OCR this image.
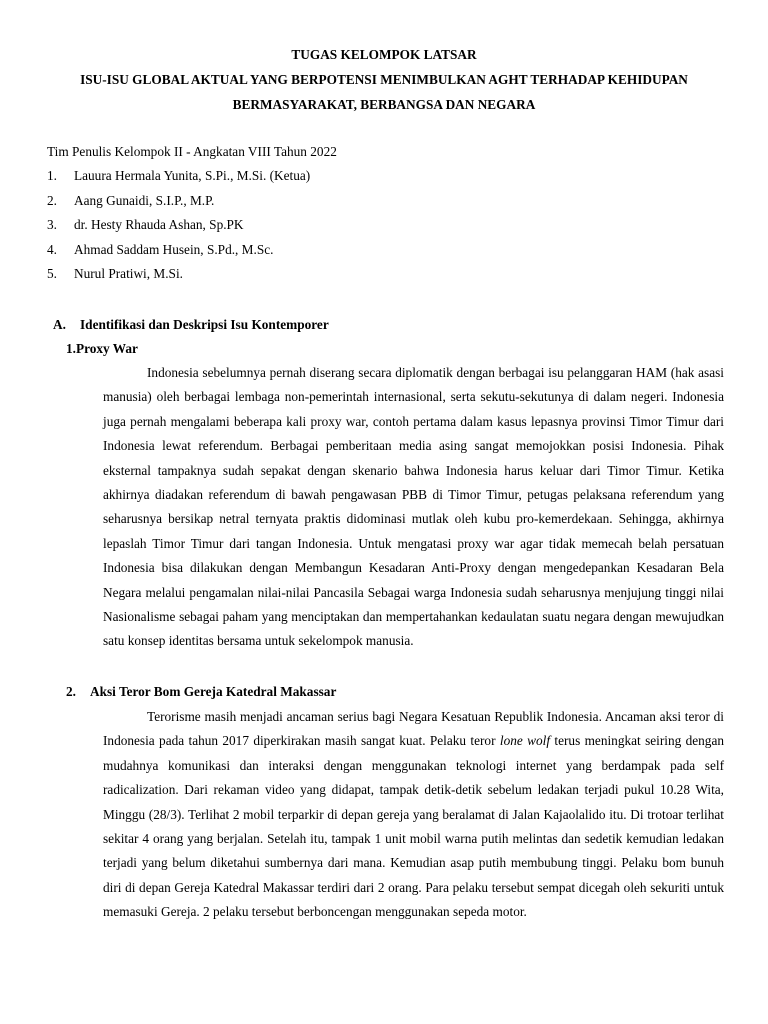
TUGAS KELOMPOK LATSAR
ISU-ISU GLOBAL AKTUAL YANG BERPOTENSI MENIMBULKAN AGHT TERHADAP KEHIDUPAN
BERMASYARAKAT, BERBANGSA DAN NEGARA
Tim Penulis Kelompok II - Angkatan VIII Tahun 2022
1.	Lauura Hermala Yunita, S.Pi., M.Si. (Ketua)
2.	Aang Gunaidi, S.I.P., M.P.
3.	dr. Hesty Rhauda Ashan, Sp.PK
4.	Ahmad Saddam Husein, S.Pd., M.Sc.
5.	Nurul Pratiwi, M.Si.
A. Identifikasi dan Deskripsi Isu Kontemporer
1.Proxy War
Indonesia sebelumnya pernah diserang secara diplomatik dengan berbagai isu pelanggaran HAM (hak asasi manusia) oleh berbagai lembaga non-pemerintah internasional, serta sekutu-sekutunya di dalam negeri. Indonesia juga pernah mengalami beberapa kali proxy war, contoh pertama dalam kasus lepasnya provinsi Timor Timur dari Indonesia lewat referendum. Berbagai pemberitaan media asing sangat memojokkan posisi Indonesia. Pihak eksternal tampaknya sudah sepakat dengan skenario bahwa Indonesia harus keluar dari Timor Timur. Ketika akhirnya diadakan referendum di bawah pengawasan PBB di Timor Timur, petugas pelaksana referendum yang seharusnya bersikap netral ternyata praktis didominasi mutlak oleh kubu pro-kemerdekaan. Sehingga, akhirnya lepaslah Timor Timur dari tangan Indonesia. Untuk mengatasi proxy war agar tidak memecah belah persatuan Indonesia bisa dilakukan dengan Membangun Kesadaran Anti-Proxy dengan mengedepankan Kesadaran Bela Negara melalui pengamalan nilai-nilai Pancasila Sebagai warga Indonesia sudah seharusnya menjujung tinggi nilai Nasionalisme sebagai paham yang menciptakan dan mempertahankan kedaulatan suatu negara dengan mewujudkan satu konsep identitas bersama untuk sekelompok manusia.
2. Aksi Teror Bom Gereja Katedral Makassar
Terorisme masih menjadi ancaman serius bagi Negara Kesatuan Republik Indonesia. Ancaman aksi teror di Indonesia pada tahun 2017 diperkirakan masih sangat kuat. Pelaku teror lone wolf terus meningkat seiring dengan mudahnya komunikasi dan interaksi dengan menggunakan teknologi internet yang berdampak pada self radicalization. Dari rekaman video yang didapat, tampak detik-detik sebelum ledakan terjadi pukul 10.28 Wita, Minggu (28/3). Terlihat 2 mobil terparkir di depan gereja yang beralamat di Jalan Kajaolalido itu. Di trotoar terlihat sekitar 4 orang yang berjalan. Setelah itu, tampak 1 unit mobil warna putih melintas dan sedetik kemudian ledakan terjadi yang belum diketahui sumbernya dari mana. Kemudian asap putih membubung tinggi. Pelaku bom bunuh diri di depan Gereja Katedral Makassar terdiri dari 2 orang. Para pelaku tersebut sempat dicegah oleh sekuriti untuk memasuki Gereja. 2 pelaku tersebut berboncengan menggunakan sepeda motor.
